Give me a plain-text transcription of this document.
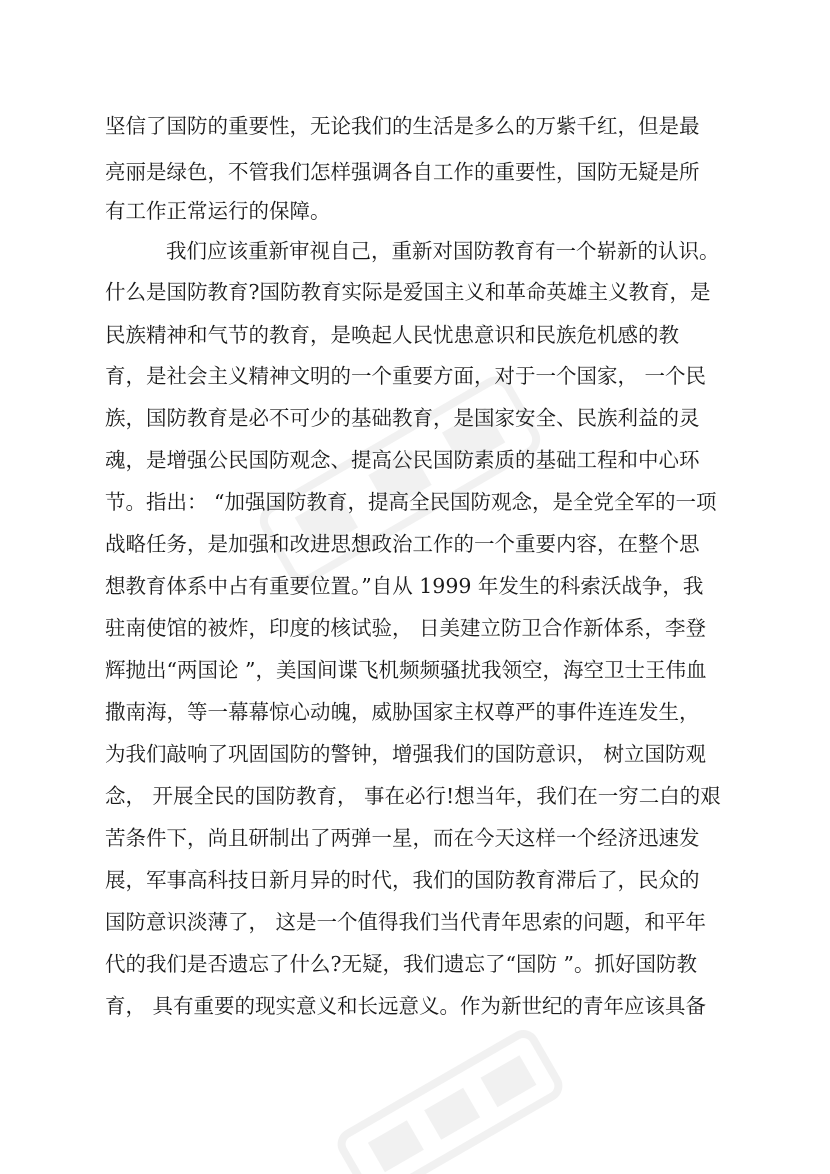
坚信了国防的重要性，无论我们的生活是多么的万紫千红，但是最
亮丽是绿色，不管我们怎样强调各自工作的重要性，国防无疑是所
有工作正常运行的保障。
我们应该重新审视自己，重新对国防教育有一个崭新的认识。
什么是国防教育?国防教育实际是爱国主义和革命英雄主义教育，是
民族精神和气节的教育，是唤起人民忧患意识和民族危机感的教
育，是社会主义精神文明的一个重要方面，对于一个国家， 一个民
族，国防教育是必不可少的基础教育，是国家安全、民族利益的灵
魂，是增强公民国防观念、提高公民国防素质的基础工程和中心环
节。指出： “加强国防教育，提高全民国防观念，是全党全军的一项
战略任务，是加强和改进思想政治工作的一个重要内容，在整个思
想教育体系中占有重要位置。”自从 1999 年发生的科索沃战争，我
驻南使馆的被炸，印度的核试验， 日美建立防卫合作新体系，李登
辉抛出“两国论 ”，美国间谍飞机频频骚扰我领空，海空卫士王伟血
撒南海，等一幕幕惊心动魄，威胁国家主权尊严的事件连连发生，
为我们敲响了巩固国防的警钟，增强我们的国防意识， 树立国防观
念， 开展全民的国防教育， 事在必行!想当年，我们在一穷二白的艰
苦条件下，尚且研制出了两弹一星，而在今天这样一个经济迅速发
展，军事高科技日新月异的时代，我们的国防教育滞后了，民众的
国防意识淡薄了， 这是一个值得我们当代青年思索的问题，和平年
代的我们是否遗忘了什么?无疑，我们遗忘了“国防 ”。抓好国防教
育， 具有重要的现实意义和长远意义。作为新世纪的青年应该具备
